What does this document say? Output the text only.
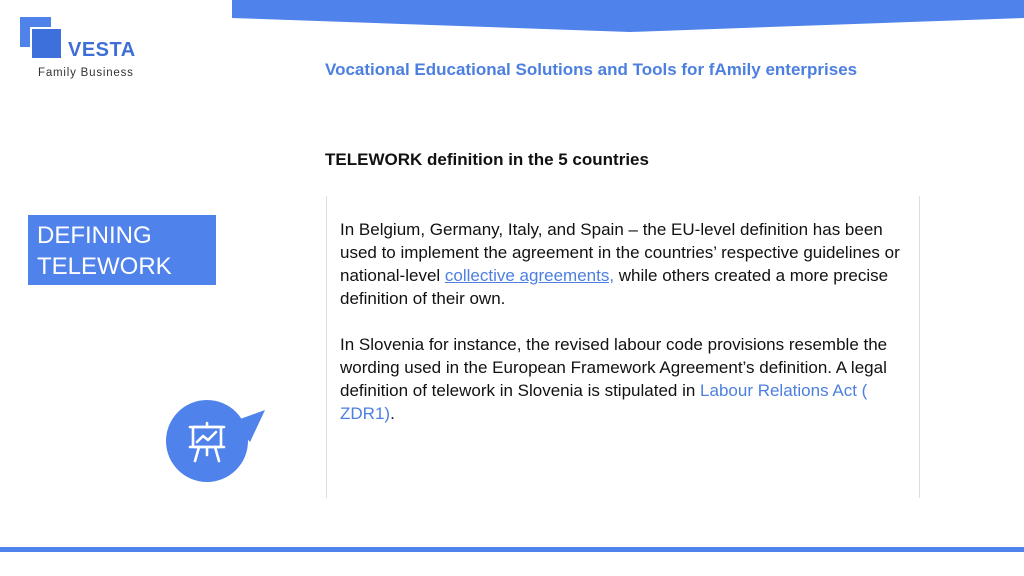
VESTA
Family Business	Vocational Educational Solutions and Tools for fAmily enterprises
TELEWORK definition in the 5 countries
DEFINING
TELEWORK

In Belgium, Germany, Italy, and Spain – the EU-level definition has been used to implement the agreement in the countries’ respective guidelines or national-level collective agreements, while others created a more precise definition of their own.

In Slovenia for instance, the revised labour code provisions resemble the wording used in the European Framework Agreement’s definition. A legal definition of telework in Slovenia is stipulated in Labour Relations Act ( ZDR1).
